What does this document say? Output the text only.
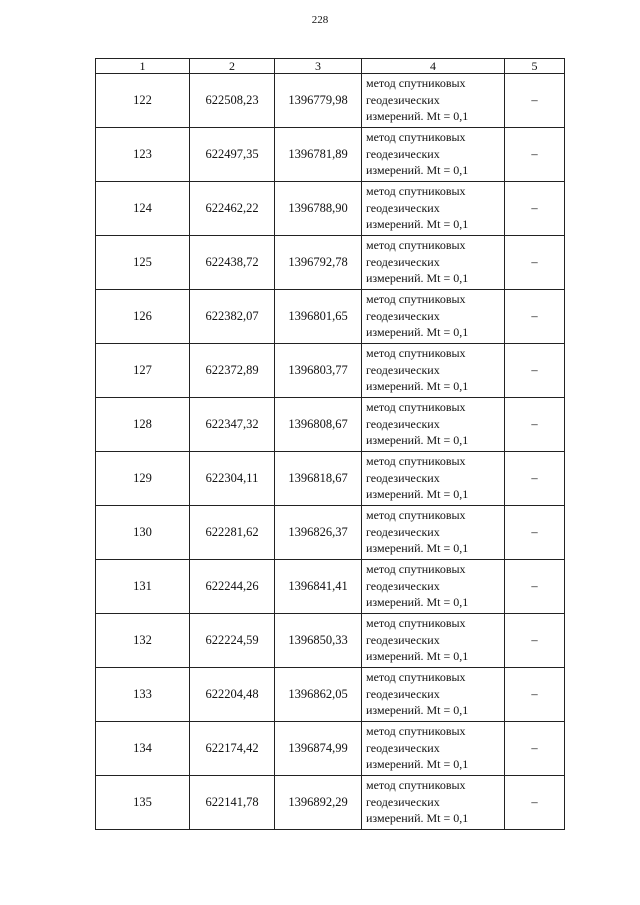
228
1	2	3	4	5
122	622508,23	1396779,98	метод спутниковых
геодезических
измерений. Mt = 0,1	–
123	622497,35	1396781,89	метод спутниковых
геодезических
измерений. Mt = 0,1	–
124	622462,22	1396788,90	метод спутниковых
геодезических
измерений. Mt = 0,1	–
125	622438,72	1396792,78	метод спутниковых
геодезических
измерений. Mt = 0,1	–
126	622382,07	1396801,65	метод спутниковых
геодезических
измерений. Mt = 0,1	–
127	622372,89	1396803,77	метод спутниковых
геодезических
измерений. Mt = 0,1	–
128	622347,32	1396808,67	метод спутниковых
геодезических
измерений. Mt = 0,1	–
129	622304,11	1396818,67	метод спутниковых
геодезических
измерений. Mt = 0,1	–
130	622281,62	1396826,37	метод спутниковых
геодезических
измерений. Mt = 0,1	–
131	622244,26	1396841,41	метод спутниковых
геодезических
измерений. Mt = 0,1	–
132	622224,59	1396850,33	метод спутниковых
геодезических
измерений. Mt = 0,1	–
133	622204,48	1396862,05	метод спутниковых
геодезических
измерений. Mt = 0,1	–
134	622174,42	1396874,99	метод спутниковых
геодезических
измерений. Mt = 0,1	–
135	622141,78	1396892,29	метод спутниковых
геодезических
измерений. Mt = 0,1	–
